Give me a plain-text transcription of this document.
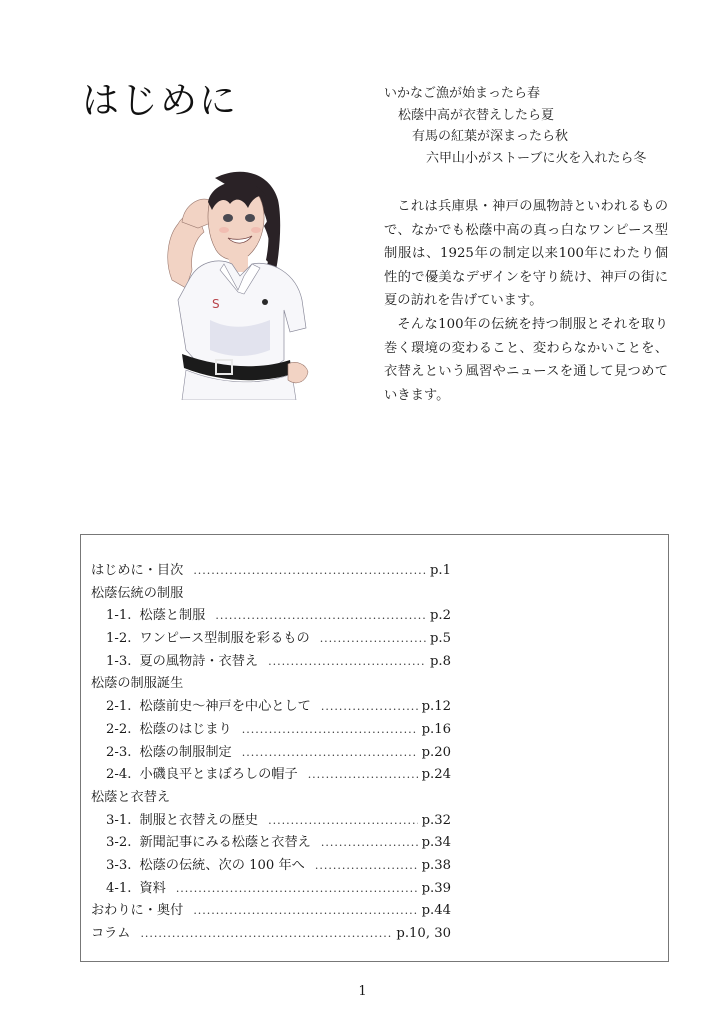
はじめに	いかなご漁が始まったら春
松蔭中高が衣替えしたら夏
有馬の紅葉が深まったら秋
六甲山小がストーブに火を入れたら冬
S

これは兵庫県・神戸の風物詩といわれるもので、なかでも松蔭中高の真っ白なワンピース型制服は、1925年の制定以来100年にわたり個性的で優美なデザインを守り続け、神戸の街に夏の訪れを告げています。

そんな100年の伝統を持つ制服とそれを取り巻く環境の変わること、変わらなかいことを、衣替えという風習やニュースを通して見つめていきます。

はじめに・目次 .....	p.1
松蔭伝統の制服
1-1. 松蔭と制服 .....	p.2
1-2. ワンピース型制服を彩るもの .....	p.5
1-3. 夏の風物詩・衣替え .....	p.8
松蔭の制服誕生
2-1. 松蔭前史～神戸を中心として .....	p.12
2-2. 松蔭のはじまり .....	p.16
2-3. 松蔭の制服制定 .....	p.20
2-4. 小磯良平とまぼろしの帽子 .....	p.24
松蔭と衣替え
3-1. 制服と衣替えの歴史 .....	p.32
3-2. 新聞記事にみる松蔭と衣替え .....	p.34
3-3. 松蔭の伝統、次の 100 年へ .....	p.38
4-1. 資料 .....	p.39
おわりに・奥付 .....	p.44
コラム .....	p.10, 30
1
